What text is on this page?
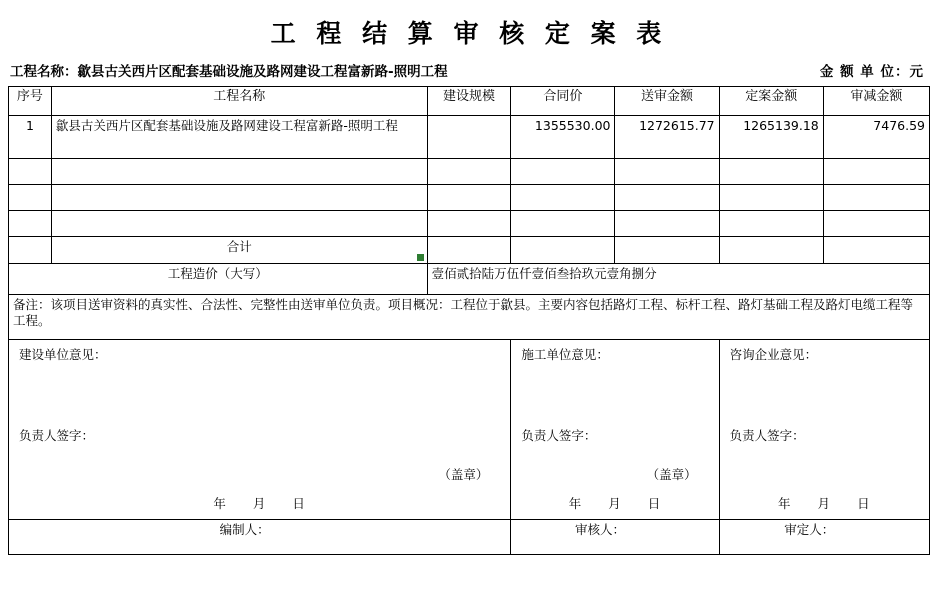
工 程 结 算 审 核 定 案 表
工程名称：歙县古关西片区配套基础设施及路网建设工程富新路-照明工程	金 额 单 位：元
序号	工程名称	建设规模	合同价	送审金额	定案金额	审减金额
1	歙县古关西片区配套基础设施及路网建设工程富新路-照明工程		1355530.00	1272615.77	1265139.18	7476.59

	合计					
工程造价（大写）		壹佰贰拾陆万伍仟壹佰叁拾玖元壹角捌分				
备注：该项目送审资料的真实性、合法性、完整性由送审单位负责。项目概况：工程位于歙县。主要内容包括路灯工程、标杆工程、路灯基础工程及路灯电缆工程等工程。						

建设单位意见：
负责人签字：
（盖章）
年 月 日

施工单位意见：
负责人签字：
（盖章）
年 月 日

咨询企业意见：
负责人签字：
年 月 日

编制人：			审核人：		审定人：	
